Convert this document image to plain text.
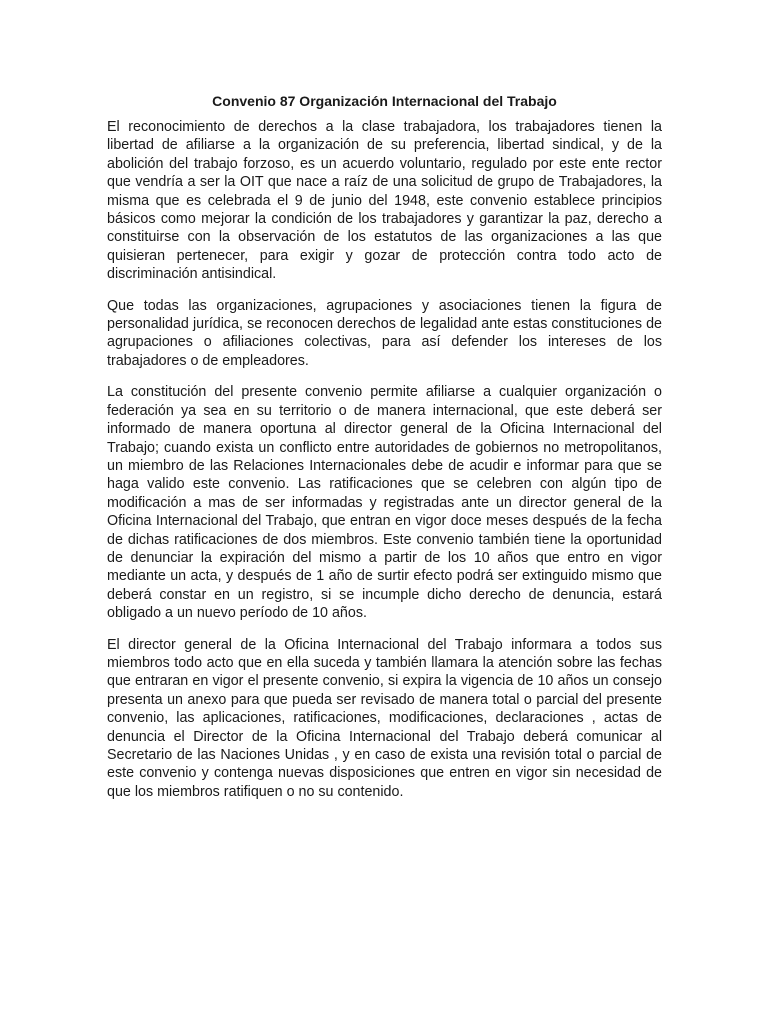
Convenio 87 Organización Internacional del Trabajo

El reconocimiento de derechos a la clase trabajadora, los trabajadores tienen la libertad de afiliarse a la organización de su preferencia, libertad sindical, y de la abolición del trabajo forzoso, es un acuerdo voluntario, regulado por este ente rector que vendría a ser la OIT que nace a raíz de una solicitud de grupo de Trabajadores, la misma que es celebrada el 9 de junio del 1948, este convenio establece principios básicos como mejorar la condición de los trabajadores y garantizar la paz, derecho a constituirse con la observación de los estatutos de las organizaciones a las que quisieran pertenecer, para exigir y gozar de protección contra todo acto de discriminación antisindical.

Que todas las organizaciones, agrupaciones y asociaciones tienen la figura de personalidad jurídica, se reconocen derechos de legalidad ante estas constituciones de agrupaciones o afiliaciones colectivas, para así defender los intereses de los trabajadores o de empleadores.

La constitución del presente convenio permite afiliarse a cualquier organización o federación ya sea en su territorio o de manera internacional, que este deberá ser informado de manera oportuna al director general de la Oficina Internacional del Trabajo; cuando exista un conflicto entre autoridades de gobiernos no metropolitanos, un miembro de las Relaciones Internacionales debe de acudir e informar para que se haga valido este convenio. Las ratificaciones que se celebren con algún tipo de modificación a mas de ser informadas y registradas ante un director general de la Oficina Internacional del Trabajo, que entran en vigor doce meses después de la fecha de dichas ratificaciones de dos miembros. Este convenio también tiene la oportunidad de denunciar la expiración del mismo a partir de los 10 años que entro en vigor mediante un acta, y después de 1 año de surtir efecto podrá ser extinguido mismo que deberá constar en un registro, si se incumple dicho derecho de denuncia, estará obligado a un nuevo período de 10 años.

El director general de la Oficina Internacional del Trabajo informara a todos sus miembros todo acto que en ella suceda y también llamara la atención sobre las fechas que entraran en vigor el presente convenio, si expira la vigencia de 10 años un consejo presenta un anexo para que pueda ser revisado de manera total o parcial del presente convenio, las aplicaciones, ratificaciones, modificaciones, declaraciones , actas de denuncia el Director de la Oficina Internacional del Trabajo deberá comunicar al Secretario de las Naciones Unidas , y en caso de exista una revisión total o parcial de este convenio y contenga nuevas disposiciones que entren en vigor sin necesidad de que los miembros ratifiquen o no su contenido.
